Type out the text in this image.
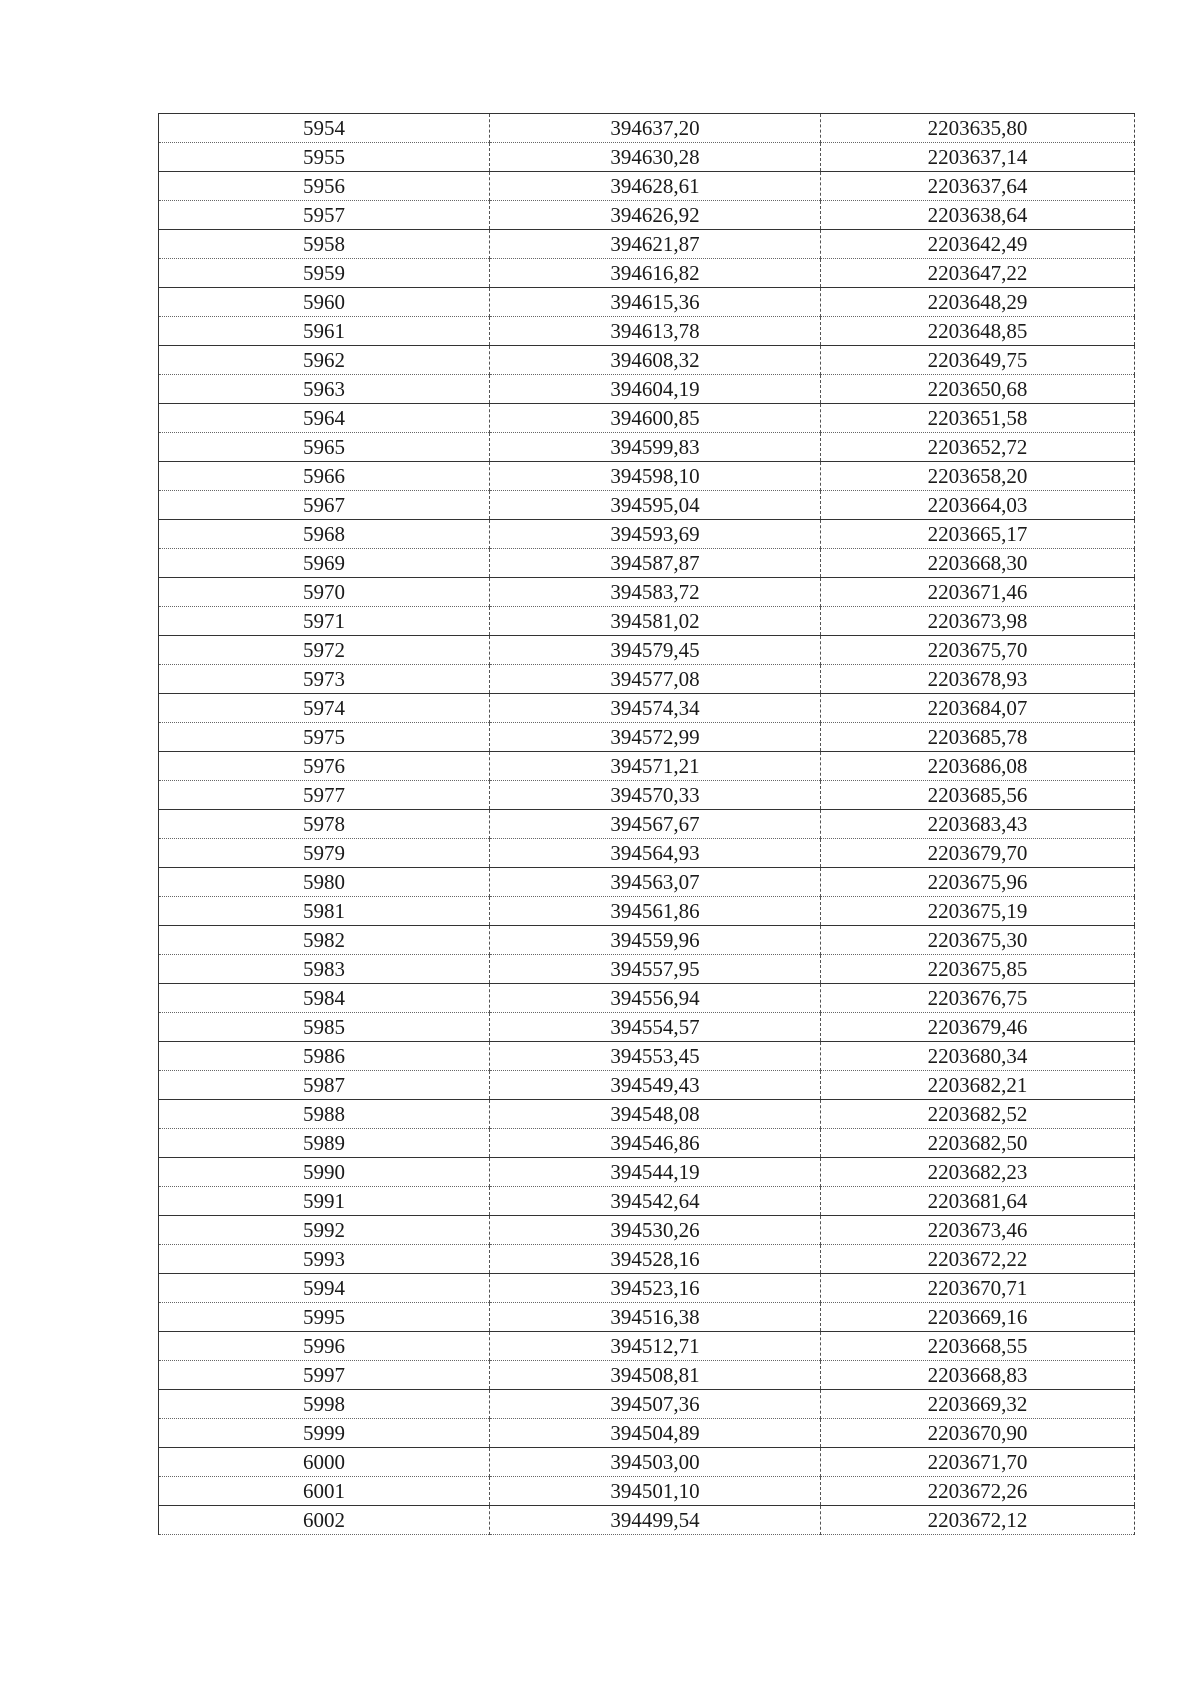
5954	394637,20	2203635,80
5955	394630,28	2203637,14
5956	394628,61	2203637,64
5957	394626,92	2203638,64
5958	394621,87	2203642,49
5959	394616,82	2203647,22
5960	394615,36	2203648,29
5961	394613,78	2203648,85
5962	394608,32	2203649,75
5963	394604,19	2203650,68
5964	394600,85	2203651,58
5965	394599,83	2203652,72
5966	394598,10	2203658,20
5967	394595,04	2203664,03
5968	394593,69	2203665,17
5969	394587,87	2203668,30
5970	394583,72	2203671,46
5971	394581,02	2203673,98
5972	394579,45	2203675,70
5973	394577,08	2203678,93
5974	394574,34	2203684,07
5975	394572,99	2203685,78
5976	394571,21	2203686,08
5977	394570,33	2203685,56
5978	394567,67	2203683,43
5979	394564,93	2203679,70
5980	394563,07	2203675,96
5981	394561,86	2203675,19
5982	394559,96	2203675,30
5983	394557,95	2203675,85
5984	394556,94	2203676,75
5985	394554,57	2203679,46
5986	394553,45	2203680,34
5987	394549,43	2203682,21
5988	394548,08	2203682,52
5989	394546,86	2203682,50
5990	394544,19	2203682,23
5991	394542,64	2203681,64
5992	394530,26	2203673,46
5993	394528,16	2203672,22
5994	394523,16	2203670,71
5995	394516,38	2203669,16
5996	394512,71	2203668,55
5997	394508,81	2203668,83
5998	394507,36	2203669,32
5999	394504,89	2203670,90
6000	394503,00	2203671,70
6001	394501,10	2203672,26
6002	394499,54	2203672,12
